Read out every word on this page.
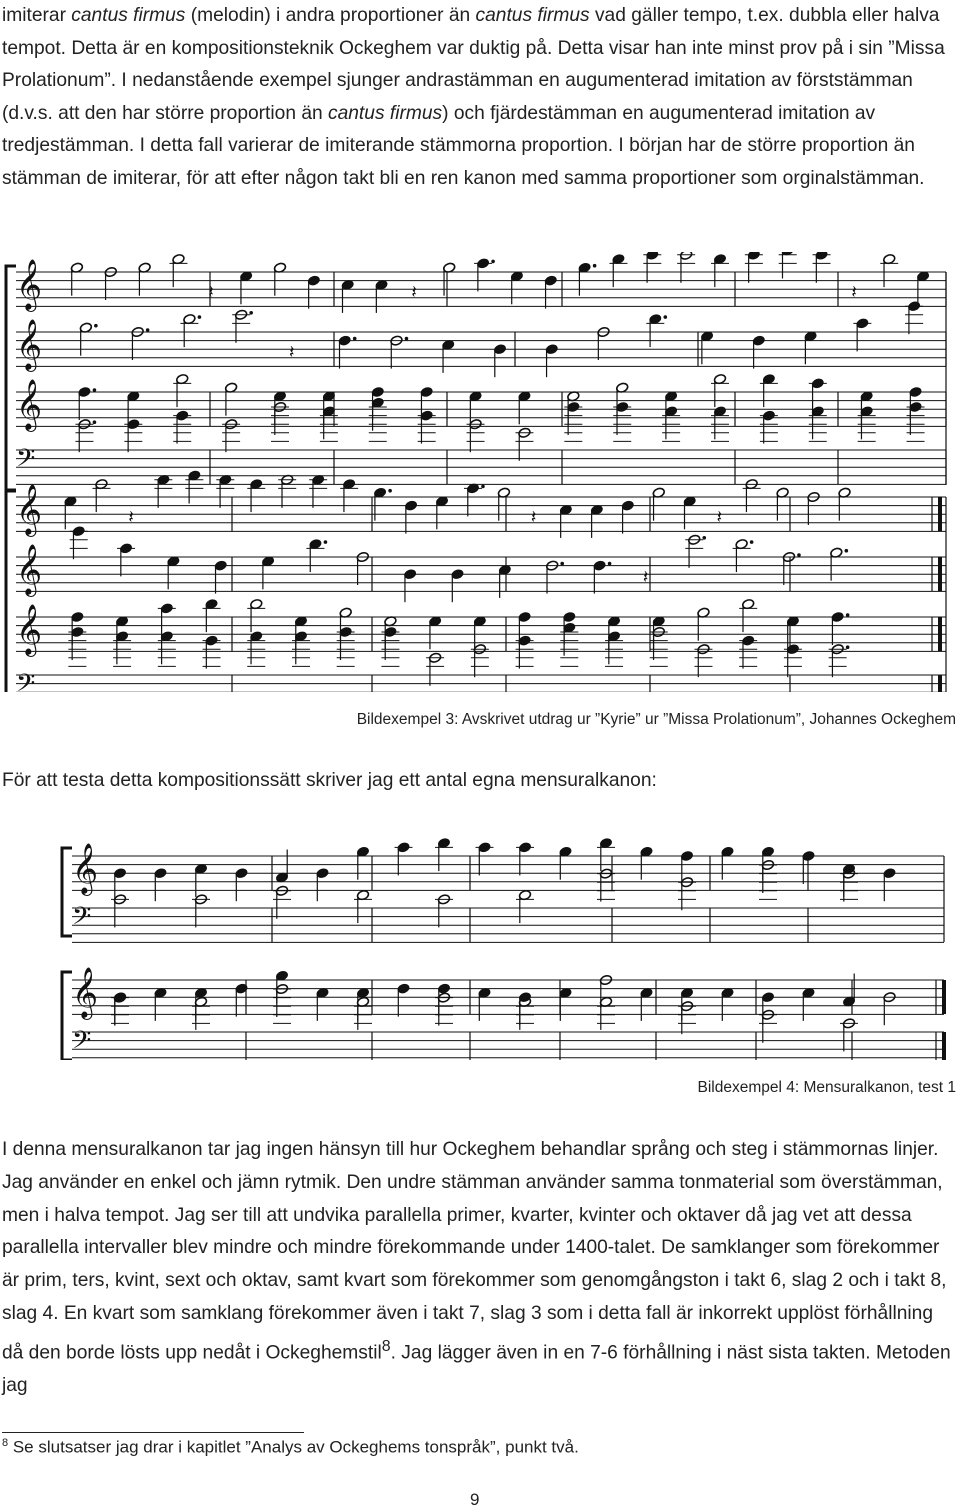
imiterar cantus firmus (melodin) i andra proportioner än cantus firmus vad gäller tempo, t.ex. dubbla eller halva tempot. Detta är en kompositionsteknik Ockeghem var duktig på. Detta visar han inte minst prov på i sin ”Missa Prolationum”. I nedanstående exempel sjunger andrastämman en augumenterad imitation av förststämman (d.v.s. att den har större proportion än cantus firmus) och fjärdestämman en augumenterad imitation av tredjestämman. I detta fall varierar de imiterande stämmorna proportion. I början har de större proportion än stämman de imiterar, för att efter någon takt bli en ren kanon med samma proportioner som orginalstämman.

𝄞
𝄞
𝄞
𝄢
𝄞
𝄞
𝄞
𝄢
𝄽	𝄽	𝄽
𝄽
𝄽	𝄽	𝄽
𝄽
Bildexempel 3: Avskrivet utdrag ur ”Kyrie” ur ”Missa Prolationum”, Johannes Ockeghem
För att testa detta kompositionssätt skriver jag ett antal egna mensuralkanon:
𝄞
𝄢
𝄞
𝄢
Bildexempel 4: Mensuralkanon, test 1

I denna mensuralkanon tar jag ingen hänsyn till hur Ockeghem behandlar språng och steg i stämmornas linjer. Jag använder en enkel och jämn rytmik. Den undre stämman använder samma tonmaterial som överstämman, men i halva tempot. Jag ser till att undvika parallella primer, kvarter, kvinter och oktaver då jag vet att dessa parallella intervaller blev mindre och mindre förekommande under 1400-talet. De samklanger som förekommer är prim, ters, kvint, sext och oktav, samt kvart som förekommer som genomgångston i takt 6, slag 2 och i takt 8, slag 4. En kvart som samklang förekommer även i takt 7, slag 3 som i detta fall är inkorrekt upplöst förhållning då den borde lösts upp nedåt i Ockeghemstil$^8$. Jag lägger även in en 7-6 förhållning i näst sista takten. Metoden jag

$^8$ Se slutsatser jag drar i kapitlet ”Analys av Ockeghems tonspråk”, punkt två.
9
